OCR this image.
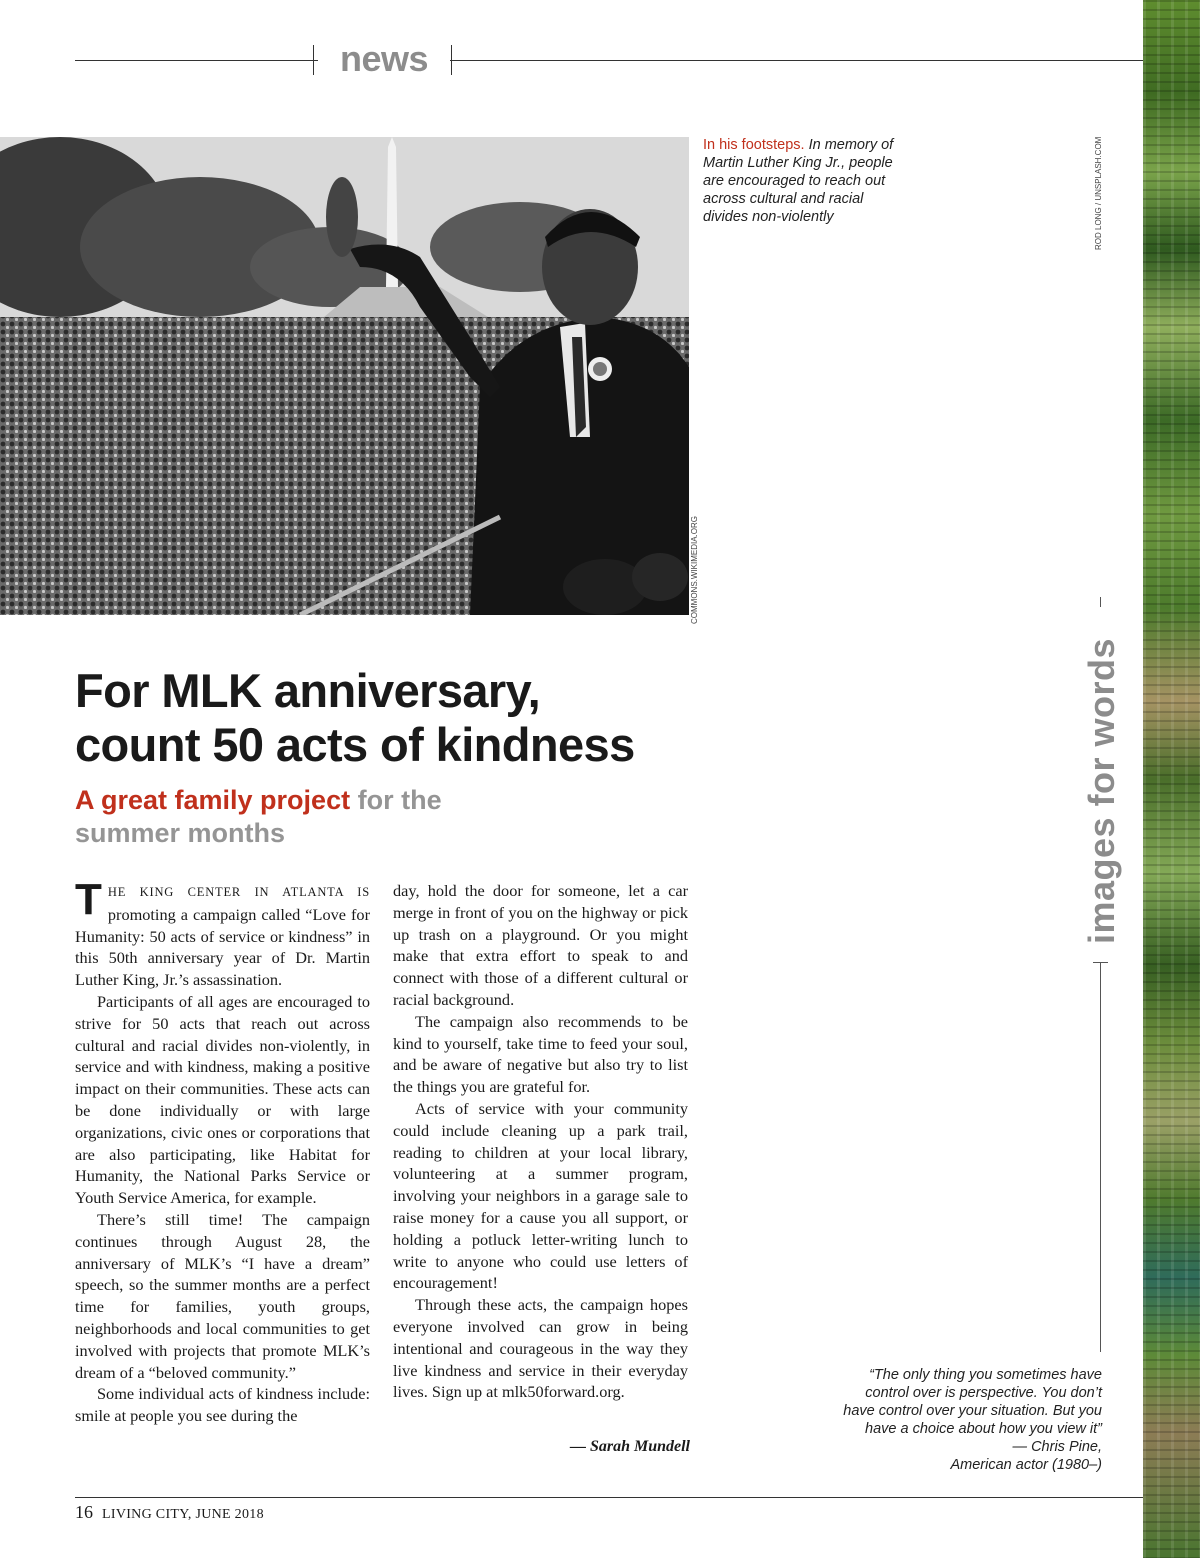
news
COMMONS.WIKIMEDIA.ORG
In his footsteps. In memory of Martin Luther King Jr., people are encouraged to reach out across cultural and racial divides non-violently	ROD LONG / UNSPLASH.COM
images for words
For MLK anniversary,
count 50 acts of kindness
A great family project for the summer months

THE KING CENTER IN ATLANTA IS promoting a campaign called “Love for Humanity: 50 acts of service or kindness” in this 50th anniversary year of Dr. Martin Luther King, Jr.’s assassination.

Participants of all ages are encouraged to strive for 50 acts that reach out across cultural and racial divides non-violently, in service and with kindness, making a positive impact on their communities. These acts can be done individually or with large organizations, civic ones or corporations that are also participating, like Habitat for Humanity, the National Parks Service or Youth Service America, for example.

There’s still time! The campaign continues through August 28, the anniversary of MLK’s “I have a dream” speech, so the summer months are a perfect time for families, youth groups, neighborhoods and local communities to get involved with projects that promote MLK’s dream of a “beloved community.”

Some individual acts of kindness include: smile at people you see during the

day, hold the door for someone, let a car merge in front of you on the highway or pick up trash on a playground. Or you might make that extra effort to speak to and connect with those of a different cultural or racial background.

The campaign also recommends to be kind to yourself, take time to feed your soul, and be aware of negative but also try to list the things you are grateful for.

Acts of service with your community could include cleaning up a park trail, reading to children at your local library, volunteering at a summer program, involving your neighbors in a garage sale to raise money for a cause you all support, or holding a potluck letter-writing lunch to write to anyone who could use letters of encouragement!

Through these acts, the campaign hopes everyone involved can grow in being intentional and courageous in the way they live kindness and service in their everyday lives. Sign up at mlk50forward.org.

— Sarah Mundell
“The only thing you sometimes have control over is perspective. You don’t have control over your situation. But you have a choice about how you view it”
— Chris Pine,
American actor (1980–)
16 LIVING CITY, JUNE 2018
